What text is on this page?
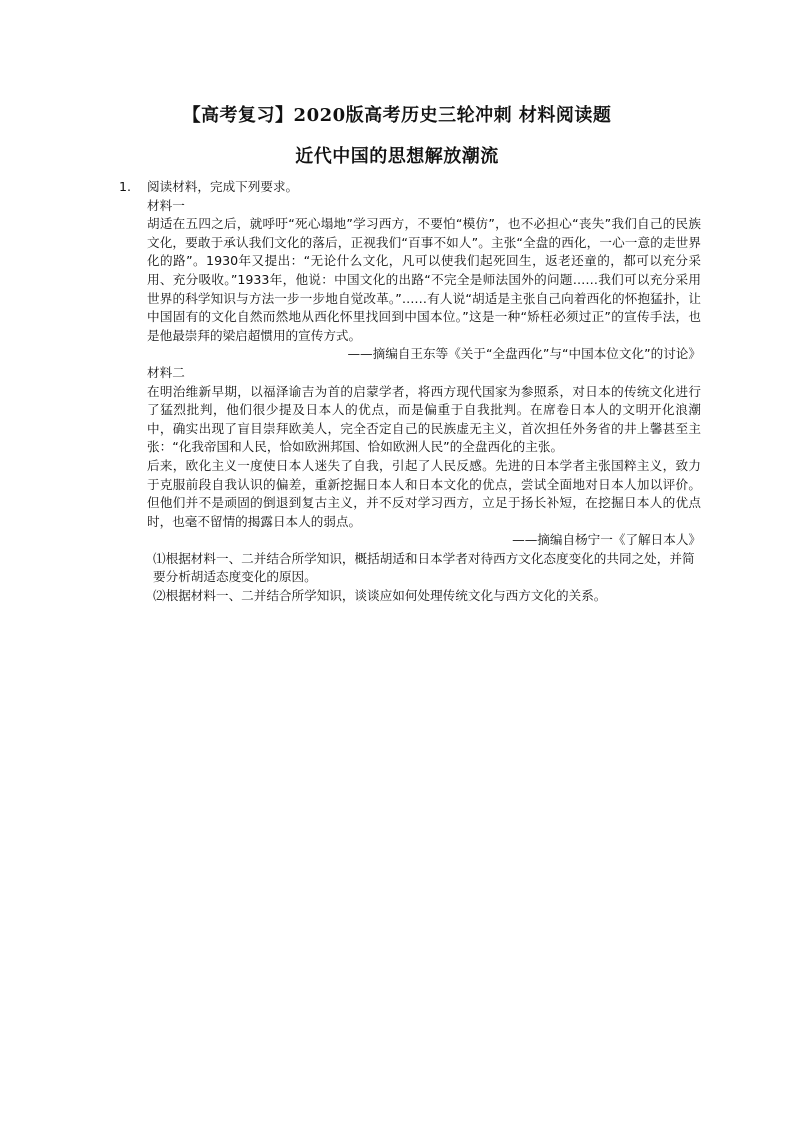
【高考复习】2020版高考历史三轮冲刺 材料阅读题
近代中国的思想解放潮流
1. 阅读材料，完成下列要求。

材料一

胡适在五四之后，就呼吁“死心塌地”学习西方，不要怕“模仿”，也不必担心“丧失”我们自己的民族文化，要敢于承认我们文化的落后，正视我们“百事不如人”。主张“全盘的西化，一心一意的走世界化的路”。1930年又提出：“无论什么文化，凡可以使我们起死回生，返老还童的，都可以充分采用、充分吸收。”1933年，他说：中国文化的出路“不完全是师法国外的问题……我们可以充分采用世界的科学知识与方法一步一步地自觉改革。”……有人说“胡适是主张自己向着西化的怀抱猛扑，让中国固有的文化自然而然地从西化怀里找回到中国本位。”这是一种“矫枉必须过正”的宣传手法，也是他最崇拜的梁启超惯用的宣传方式。

——摘编自王东等《关于“全盘西化”与“中国本位文化”的讨论》

材料二

在明治维新早期，以福泽谕吉为首的启蒙学者，将西方现代国家为参照系，对日本的传统文化进行了猛烈批判，他们很少提及日本人的优点，而是偏重于自我批判。在席卷日本人的文明开化浪潮中，确实出现了盲目崇拜欧美人，完全否定自己的民族虚无主义，首次担任外务省的井上馨甚至主张：“化我帝国和人民，恰如欧洲邦国、恰如欧洲人民”的全盘西化的主张。

后来，欧化主义一度使日本人迷失了自我，引起了人民反感。先进的日本学者主张国粹主义，致力于克服前段自我认识的偏差，重新挖掘日本人和日本文化的优点，尝试全面地对日本人加以评价。但他们并不是顽固的倒退到复古主义，并不反对学习西方，立足于扬长补短，在挖掘日本人的优点时，也毫不留情的揭露日本人的弱点。

——摘编自杨宁一《了解日本人》

⑴根据材料一、二并结合所学知识，概括胡适和日本学者对待西方文化态度变化的共同之处，并简要分析胡适态度变化的原因。

⑵根据材料一、二并结合所学知识，谈谈应如何处理传统文化与西方文化的关系。
